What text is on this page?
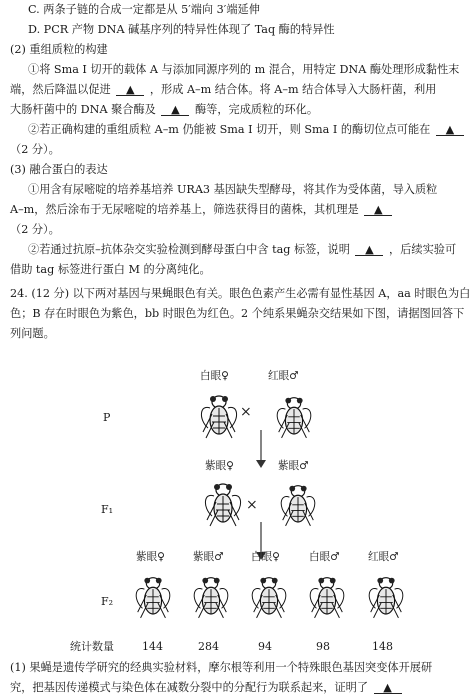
C. 两条子链的合成一定都是从 5′端向 3′端延伸
D. PCR 产物 DNA 碱基序列的特异性体现了 Taq 酶的特异性
(2) 重组质粒的构建
①将 Sma Ⅰ 切开的载体 A 与添加同源序列的 m 混合，用特定 DNA 酶处理形成黏性末
端，然后降温以促进 ▲ ，形成 A–m 结合体。将 A–m 结合体导入大肠杆菌，利用
大肠杆菌中的 DNA 聚合酶及 ▲ 酶等，完成质粒的环化。
②若正确构建的重组质粒 A–m 仍能被 Sma Ⅰ 切开，则 Sma Ⅰ 的酶切位点可能在 ▲
（2 分）。
(3) 融合蛋白的表达
①用含有尿嘧啶的培养基培养 URA3 基因缺失型酵母，将其作为受体菌，导入质粒
A–m，然后涂布于无尿嘧啶的培养基上，筛选获得目的菌株，其机理是 ▲
（2 分）。
②若通过抗原–抗体杂交实验检测到酵母蛋白中含 tag 标签，说明 ▲ ，后续实验可
借助 tag 标签进行蛋白 M 的分离纯化。
24. (12 分) 以下两对基因与果蝇眼色有关。眼色色素产生必需有显性基因 A，aa 时眼色为白
色；B 存在时眼色为紫色，bb 时眼色为红色。2 个纯系果蝇杂交结果如下图，请据图回答下
列问题。
白眼♀	红眼♂
P	×
紫眼♀	紫眼♂
F₁	×
紫眼♀	紫眼♂	白眼♀	白眼♂	红眼♂
F₂
统计数量	144	284	94	98	148
(1) 果蝇是遗传学研究的经典实验材料，摩尔根等利用一个特殊眼色基因突变体开展研
究，把基因传递模式与染色体在减数分裂中的分配行为联系起来，证明了 ▲
